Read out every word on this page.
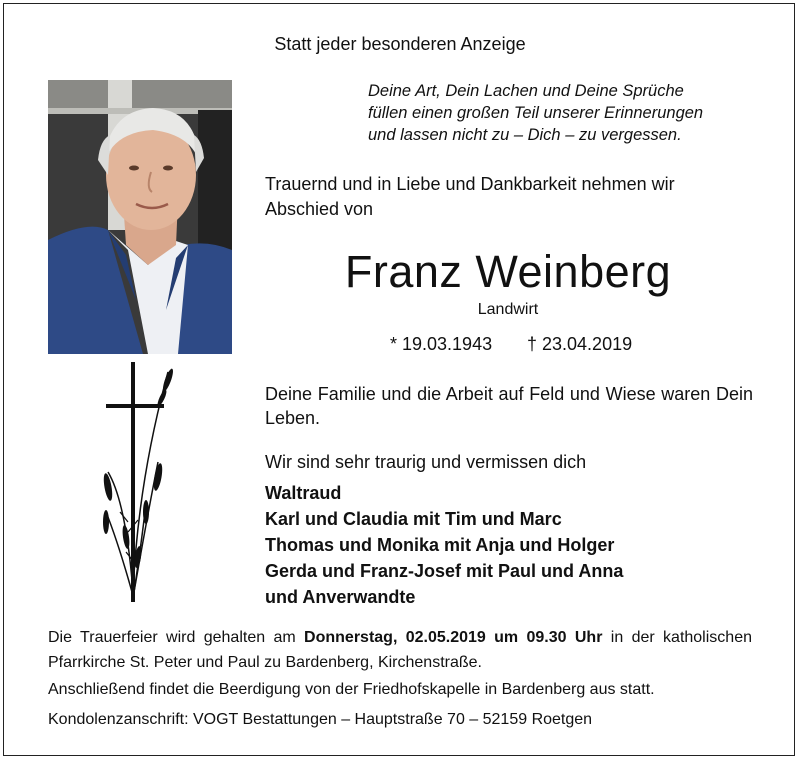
Statt jeder besonderen Anzeige
Deine Art, Dein Lachen und Deine Sprüche
füllen einen großen Teil unserer Erinnerungen
und lassen nicht zu – Dich – zu vergessen.
Trauernd und in Liebe und Dankbarkeit nehmen wir
Abschied von
Franz Weinberg
Landwirt
* 19.03.1943 † 23.04.2019
Deine Familie und die Arbeit auf Feld und Wiese waren Dein Leben.
Wir sind sehr traurig und vermissen dich
Waltraud
Karl und Claudia mit Tim und Marc
Thomas und Monika mit Anja und Holger
Gerda und Franz-Josef mit Paul und Anna
und Anverwandte
Die Trauerfeier wird gehalten am Donnerstag, 02.05.2019 um 09.30 Uhr in der katholischen Pfarrkirche St. Peter und Paul zu Bardenberg, Kirchenstraße.
Anschließend findet die Beerdigung von der Friedhofskapelle in Bardenberg aus statt.
Kondolenzanschrift: VOGT Bestattungen – Hauptstraße 70 – 52159 Roetgen
